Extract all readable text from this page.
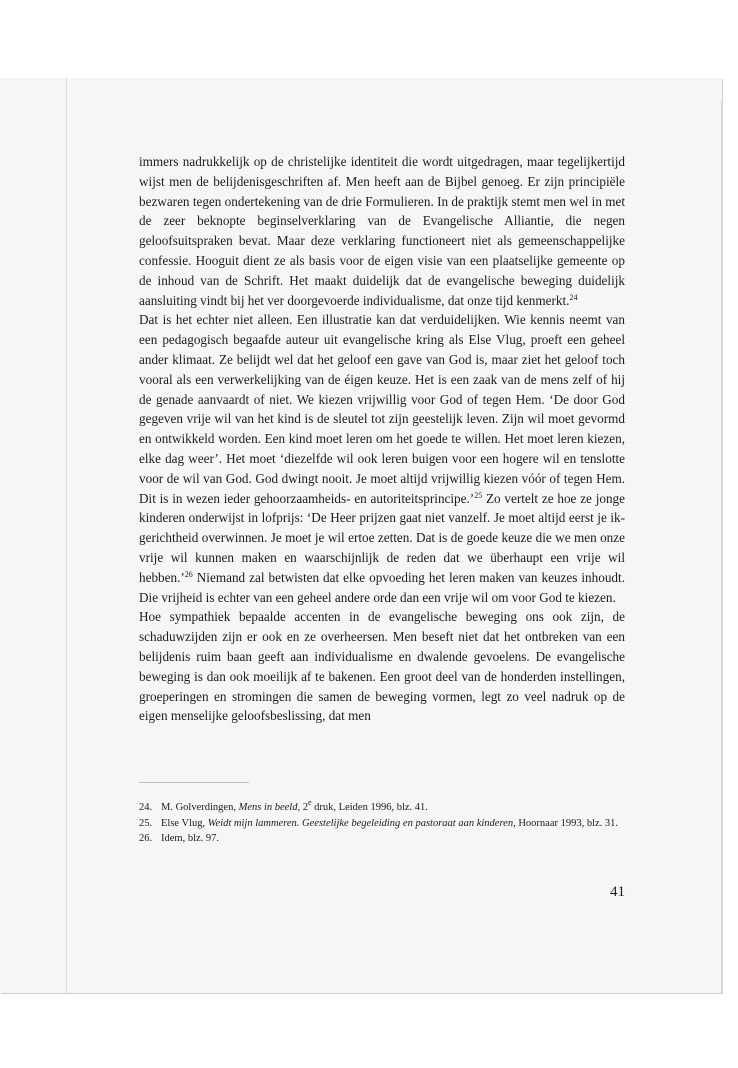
immers nadrukkelijk op de christelijke identiteit die wordt uitgedragen, maar tegelijkertijd wijst men de belijdenisgeschriften af. Men heeft aan de Bijbel genoeg. Er zijn principiële bezwaren tegen ondertekening van de drie Formulieren. In de praktijk stemt men wel in met de zeer beknopte beginselverklaring van de Evangelische Alliantie, die negen geloofsuitspraken bevat. Maar deze verklaring functioneert niet als gemeenschappelijke confessie. Hooguit dient ze als basis voor de eigen visie van een plaatselijke gemeente op de inhoud van de Schrift. Het maakt duidelijk dat de evangelische beweging duidelijk aansluiting vindt bij het ver doorgevoerde individualisme, dat onze tijd kenmerkt.$^{24}$

Dat is het echter niet alleen. Een illustratie kan dat verduidelijken. Wie kennis neemt van een pedagogisch begaafde auteur uit evangelische kring als Else Vlug, proeft een geheel ander klimaat. Ze belijdt wel dat het geloof een gave van God is, maar ziet het geloof toch vooral als een verwerkelijking van de éigen keuze. Het is een zaak van de mens zelf of hij de genade aanvaardt of niet. We kiezen vrijwillig voor God of tegen Hem. ‘De door God gegeven vrije wil van het kind is de sleutel tot zijn geestelijk leven. Zijn wil moet gevormd en ontwikkeld worden. Een kind moet leren om het goede te willen. Het moet leren kiezen, elke dag weer’. Het moet ‘diezelfde wil ook leren buigen voor een hogere wil en tenslotte voor de wil van God. God dwingt nooit. Je moet altijd vrijwillig kiezen vóór of tegen Hem. Dit is in wezen ieder gehoorzaamheids- en autoriteitsprincipe.’$^{25}$ Zo vertelt ze hoe ze jonge kinderen onderwijst in lofprijs: ‘De Heer prijzen gaat niet vanzelf. Je moet altijd eerst je ik-gerichtheid overwinnen. Je moet je wil ertoe zetten. Dat is de goede keuze die we men onze vrije wil kunnen maken en waarschijnlijk de reden dat we überhaupt een vrije wil hebben.’$^{26}$ Niemand zal betwisten dat elke opvoeding het leren maken van keuzes inhoudt. Die vrijheid is echter van een geheel andere orde dan een vrije wil om voor God te kiezen.

Hoe sympathiek bepaalde accenten in de evangelische beweging ons ook zijn, de schaduwzijden zijn er ook en ze overheersen. Men beseft niet dat het ontbreken van een belijdenis ruim baan geeft aan individualisme en dwalende gevoelens. De evangelische beweging is dan ook moeilijk af te bakenen. Een groot deel van de honderden instellingen, groeperingen en stromingen die samen de beweging vormen, legt zo veel nadruk op de eigen menselijke geloofsbeslissing, dat men

24. M. Golverdingen, Mens in beeld, 2e druk, Leiden 1996, blz. 41.
25. Else Vlug, Weidt mijn lammeren. Geestelijke begeleiding en pastoraat aan kinderen, Hoornaar 1993, blz. 31.
26. Idem, blz. 97.
41
